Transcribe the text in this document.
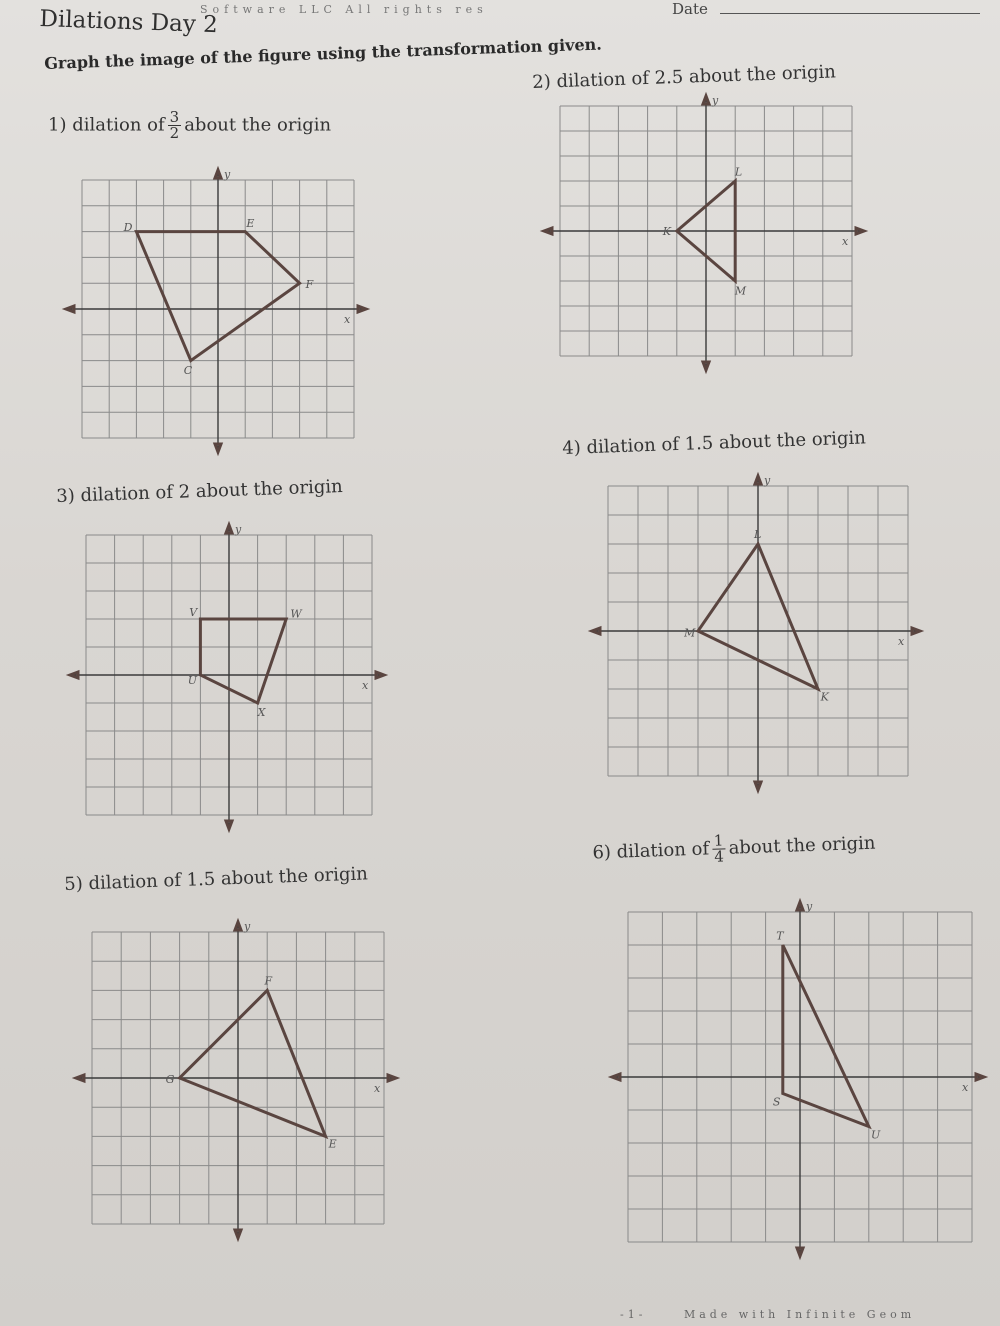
Software LLC All rights res
Dilations Day 2	Date
Graph the image of the figure using the transformation given.
1) dilation of $\frac{3}{2}$ about the origin
x
y
D	E
F
C
2) dilation of 2.5 about the origin
x
y
K
L
M
3) dilation of 2 about the origin
x
y
V	W
X
U
4) dilation of 1.5 about the origin
x
y
L
K
M
5) dilation of 1.5 about the origin
x
y
F
E
G
6) dilation of $\frac{1}{4}$ about the origin
x
y
T
U
S
-1-	Made with Infinite Geom
